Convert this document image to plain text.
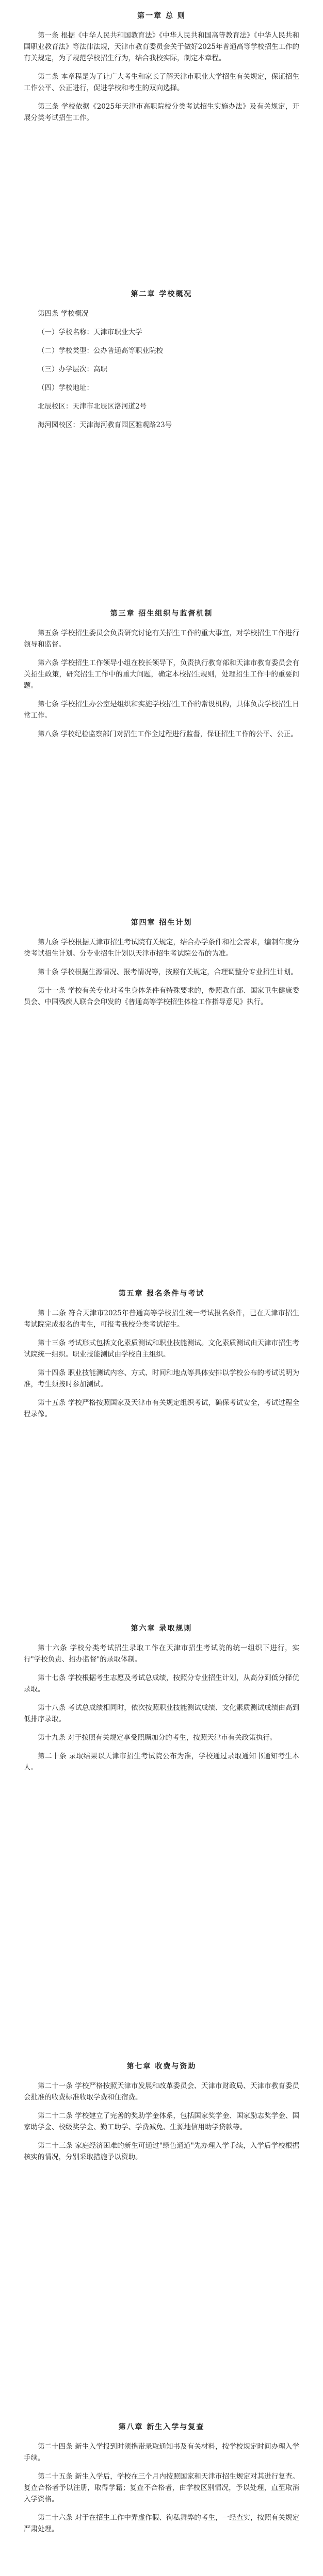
第一章 总 则
第一条 根据《中华人民共和国教育法》《中华人民共和国高等教育法》《中华人民共和国职业教育法》等法律法规，天津市教育委员会关于做好2025年普通高等学校招生工作的有关规定，为了规范学校招生行为，结合我校实际，制定本章程。
第二条 本章程是为了让广大考生和家长了解天津市职业大学招生有关规定，保证招生工作公平、公正进行，促进学校和考生的双向选择。
第三条 学校依据《2025年天津市高职院校分类考试招生实施办法》及有关规定，开展分类考试招生工作。
第二章 学校概况
第四条 学校概况
（一）学校名称：天津市职业大学
（二）学校类型：公办普通高等职业院校
（三）办学层次：高职
（四）学校地址：
北辰校区：天津市北辰区洛河道2号
海河园校区：天津海河教育园区雅观路23号
第三章 招生组织与监督机制
第五条 学校招生委员会负责研究讨论有关招生工作的重大事宜，对学校招生工作进行领导和监督。
第六条 学校招生工作领导小组在校长领导下，负责执行教育部和天津市教育委员会有关招生政策，研究招生工作中的重大问题，确定本校招生规则，处理招生工作中的重要问题。
第七条 学校招生办公室是组织和实施学校招生工作的常设机构，具体负责学校招生日常工作。
第八条 学校纪检监察部门对招生工作全过程进行监督，保证招生工作的公平、公正。
第四章 招生计划
第九条 学校根据天津市招生考试院有关规定，结合办学条件和社会需求，编制年度分类考试招生计划。分专业招生计划以天津市招生考试院公布的为准。
第十条 学校根据生源情况、报考情况等，按照有关规定，合理调整分专业招生计划。
第十一条 学校有关专业对考生身体条件有特殊要求的，参照教育部、国家卫生健康委员会、中国残疾人联合会印发的《普通高等学校招生体检工作指导意见》执行。
第五章 报名条件与考试
第十二条 符合天津市2025年普通高等学校招生统一考试报名条件，已在天津市招生考试院完成报名的考生，可报考我校分类考试招生。
第十三条 考试形式包括文化素质测试和职业技能测试。文化素质测试由天津市招生考试院统一组织。职业技能测试由学校自主组织。
第十四条 职业技能测试内容、方式、时间和地点等具体安排以学校公布的考试说明为准，考生须按时参加测试。
第十五条 学校严格按照国家及天津市有关规定组织考试，确保考试安全，考试过程全程录像。
第六章 录取规则
第十六条 学校分类考试招生录取工作在天津市招生考试院的统一组织下进行，实行"学校负责、招办监督"的录取体制。
第十七条 学校根据考生志愿及考试总成绩，按照分专业招生计划，从高分到低分择优录取。
第十八条 考试总成绩相同时，依次按照职业技能测试成绩、文化素质测试成绩由高到低排序录取。
第十九条 对于按照有关规定享受照顾加分的考生，按照天津市有关政策执行。
第二十条 录取结果以天津市招生考试院公布为准，学校通过录取通知书通知考生本人。
第七章 收费与资助
第二十一条 学校严格按照天津市发展和改革委员会、天津市财政局、天津市教育委员会批准的收费标准收取学费和住宿费。
第二十二条 学校建立了完善的奖助学金体系，包括国家奖学金、国家励志奖学金、国家助学金、校级奖学金、勤工助学、学费减免、生源地信用助学贷款等。
第二十三条 家庭经济困难的新生可通过"绿色通道"先办理入学手续，入学后学校根据核实的情况，分别采取措施予以资助。
第八章 新生入学与复查
第二十四条 新生入学报到时须携带录取通知书及有关材料，按学校规定时间办理入学手续。
第二十五条 新生入学后，学校在三个月内按照国家和天津市招生规定对其进行复查。复查合格者予以注册，取得学籍；复查不合格者，由学校区别情况，予以处理，直至取消入学资格。
第二十六条 对于在招生工作中弄虚作假、徇私舞弊的考生，一经查实，按照有关规定严肃处理。
